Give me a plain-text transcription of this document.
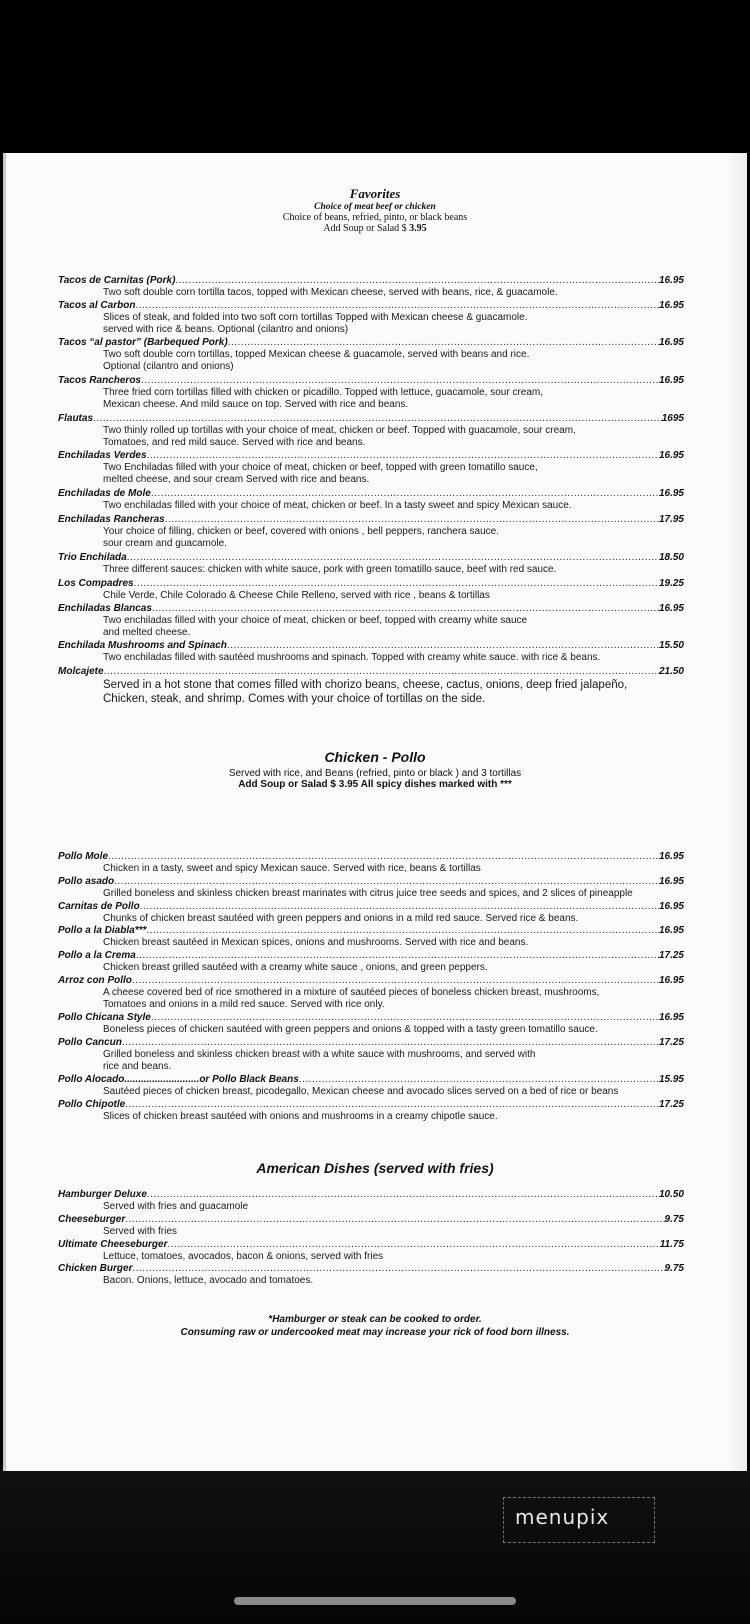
Favorites
Choice of meat beef or chicken
Choice of beans, refried, pinto, or black beans
Add Soup or Salad $ 3.95
Tacos de Carnitas (Pork) .....	16.95
Two soft double corn tortilla tacos, topped with Mexican cheese, served with beans, rice, & guacamole.
Tacos al Carbon .....	16.95
Slices of steak, and folded into two soft corn tortillas Topped with Mexican cheese & guacamole.
served with rice & beans. Optional (cilantro and onions)
Tacos “al pastor” (Barbequed Pork) .....	16.95
Two soft double corn tortillas, topped Mexican cheese & guacamole, served with beans and rice.
Optional (cilantro and onions)
Tacos Rancheros .....	16.95
Three fried corn tortillas filled with chicken or picadillo. Topped with lettuce, guacamole, sour cream,
Mexican cheese. And mild sauce on top. Served with rice and beans.
Flautas .....	1695
Two thinly rolled up tortillas with your choice of meat, chicken or beef. Topped with guacamole, sour cream,
Tomatoes, and red mild sauce. Served with rice and beans.
Enchiladas Verdes .....	16.95
Two Enchiladas filled with your choice of meat, chicken or beef, topped with green tomatillo sauce,
melted cheese, and sour cream Served with rice and beans.
Enchiladas de Mole .....	16.95
Two enchiladas filled with your choice of meat, chicken or beef. In a tasty sweet and spicy Mexican sauce.
Enchiladas Rancheras .....	17.95
Your choice of filling, chicken or beef, covered with onions , bell peppers, ranchera sauce.
sour cream and guacamole.
Trio Enchilada .....	18.50
Three different sauces: chicken with white sauce, pork with green tomatillo sauce, beef with red sauce.
Los Compadres .....	19.25
Chile Verde, Chile Colorado & Cheese Chile Relleno, served with rice , beans & tortillas
Enchiladas Blancas .....	16.95
Two enchiladas filled with your choice of meat, chicken or beef, topped with creamy white sauce
and melted cheese.
Enchilada Mushrooms and Spinach .....	15.50
Two enchiladas filled with sautéed mushrooms and spinach. Topped with creamy white sauce. with rice & beans.
Molcajete .....	21.50
Served in a hot stone that comes filled with chorizo beans, cheese, cactus, onions, deep fried jalapeño,
Chicken, steak, and shrimp. Comes with your choice of tortillas on the side.
Chicken - Pollo
Served with rice, and Beans (refried, pinto or black ) and 3 tortillas
Add Soup or Salad $ 3.95 All spicy dishes marked with ***
Pollo Mole .....	16.95
Chicken in a tasty, sweet and spicy Mexican sauce. Served with rice, beans & tortillas
Pollo asado .....	16.95
Grilled boneless and skinless chicken breast marinates with citrus juice tree seeds and spices, and 2 slices of pineapple
Carnitas de Pollo .....	16.95
Chunks of chicken breast sautéed with green peppers and onions in a mild red sauce. Served rice & beans.
Pollo a la Diabla*** .....	16.95
Chicken breast sautéed in Mexican spices, onions and mushrooms. Served with rice and beans.
Pollo a la Crema .....	17.25
Chicken breast grilled sautéed with a creamy white sauce , onions, and green peppers.
Arroz con Pollo .....	16.95
A cheese covered bed of rice smothered in a mixture of sautéed pieces of boneless chicken breast, mushrooms,
Tomatoes and onions in a mild red sauce. Served with rice only.
Pollo Chicana Style .....	16.95
Boneless pieces of chicken sautéed with green peppers and onions & topped with a tasty green tomatillo sauce.
Pollo Cancun .....	17.25
Grilled boneless and skinless chicken breast with a white sauce with mushrooms, and served with
rice and beans.
Pollo Alocado...........................or Pollo Black Beans .....	15.95
Sautéed pieces of chicken breast, picodegallo, Mexican cheese and avocado slices served on a bed of rice or beans
Pollo Chipotle .....	17.25
Slices of chicken breast sautéed with onions and mushrooms in a creamy chipotle sauce.
American Dishes (served with fries)
Hamburger Deluxe .....	10.50
Served with fries and guacamole
Cheeseburger .....	9.75
Served with fries
Ultimate Cheeseburger .....	11.75
Lettuce, tomatoes, avocados, bacon & onions, served with fries
Chicken Burger .....	9.75
Bacon. Onions, lettuce, avocado and tomatoes.
*Hamburger or steak can be cooked to order.
Consuming raw or undercooked meat may increase your rick of food born illness.
menupix
